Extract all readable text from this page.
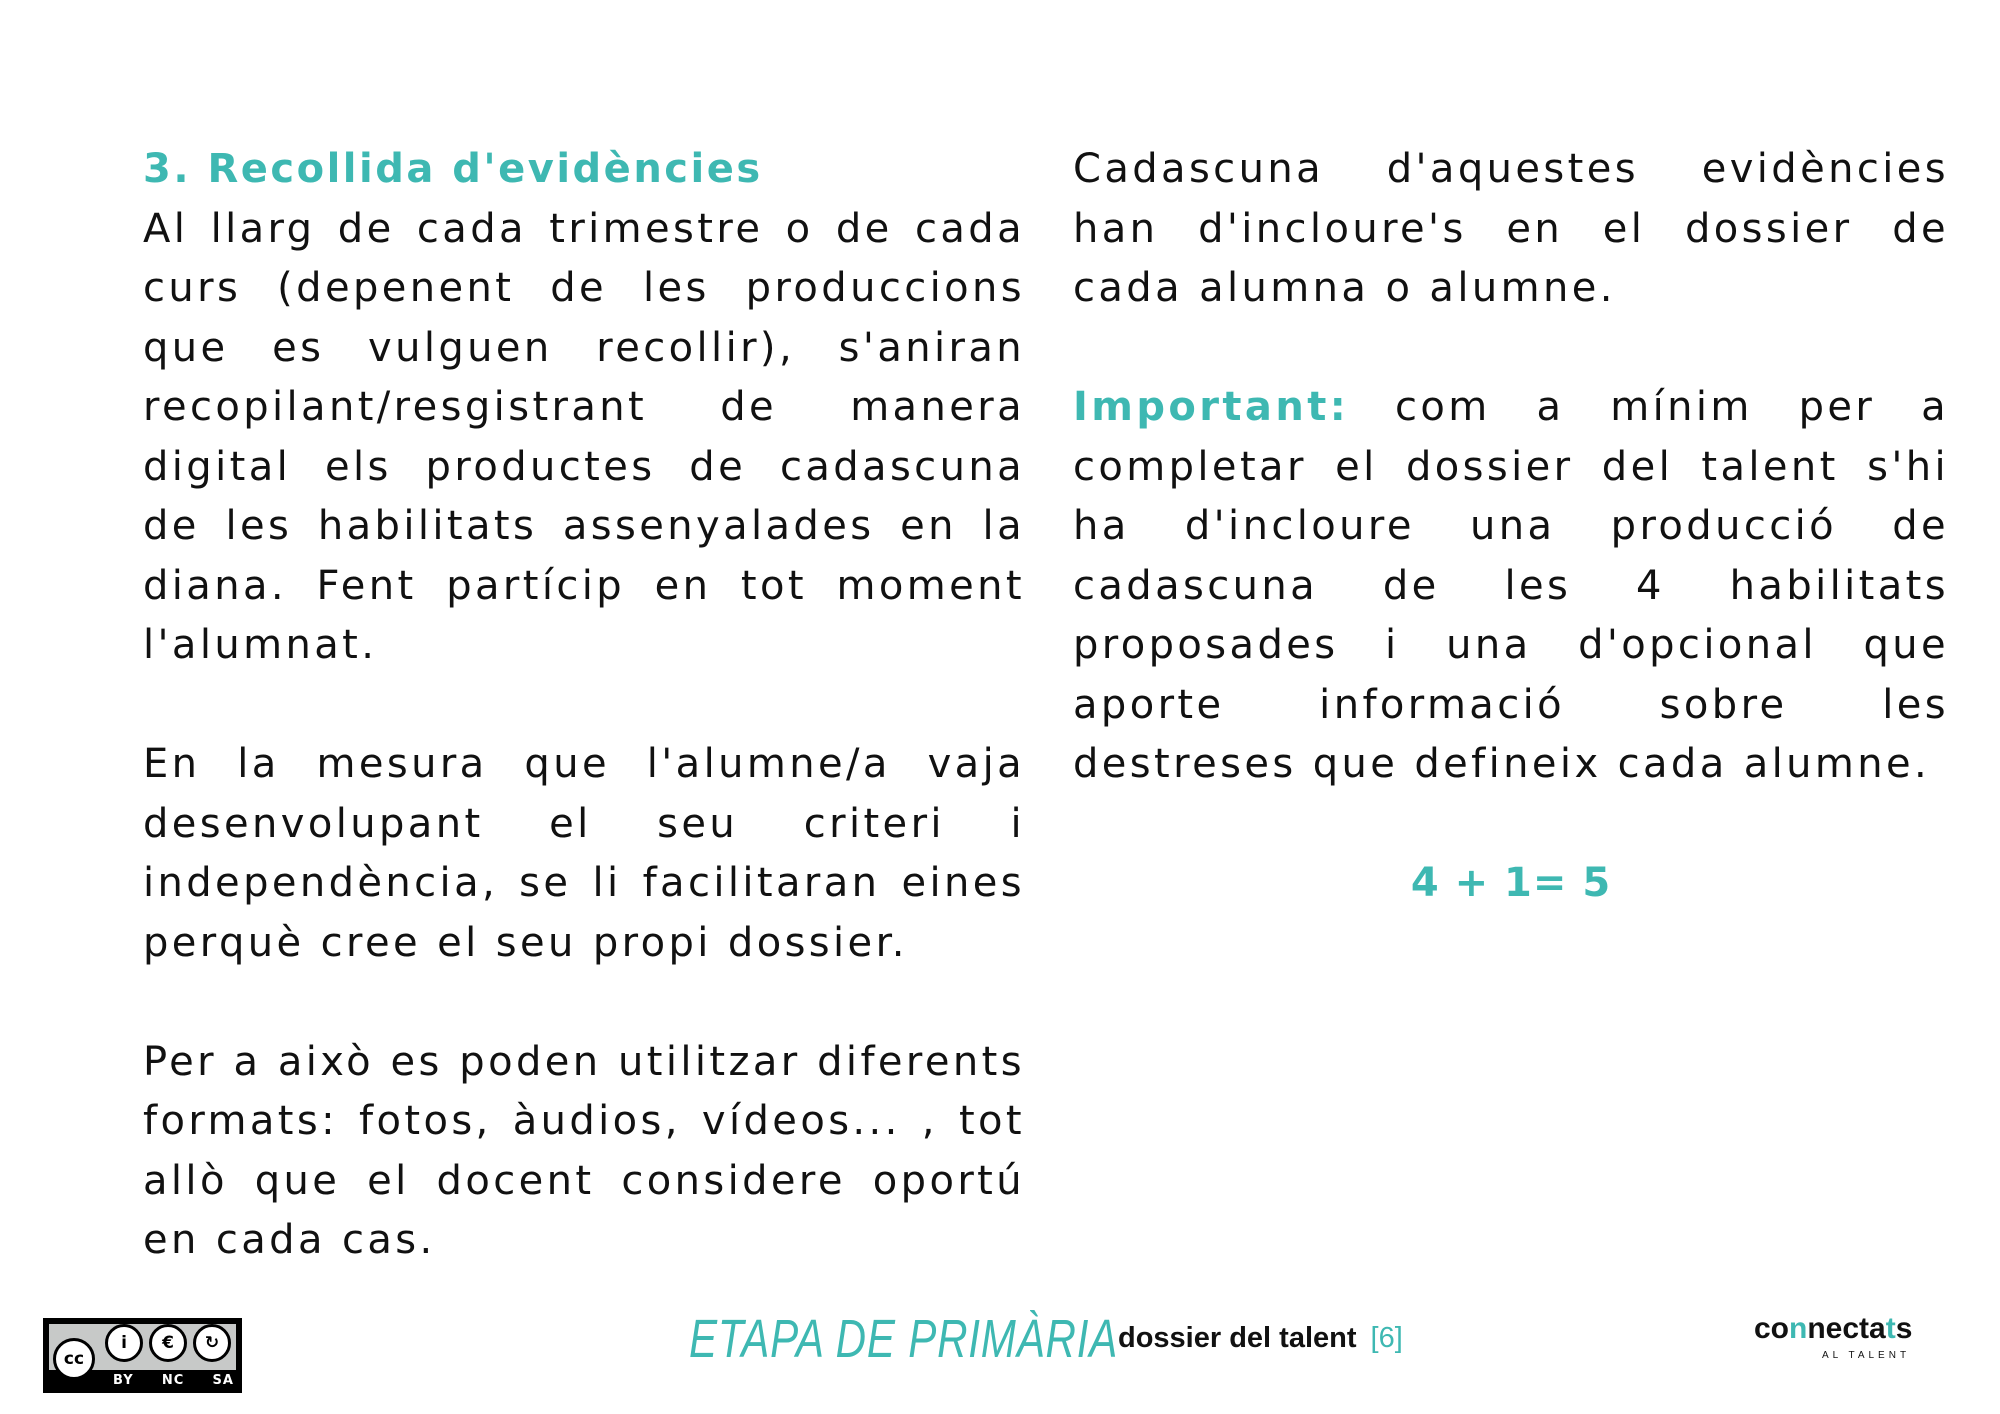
3. Recollida d'evidències

Al llarg de cada trimestre o de cada curs (depenent de les produccions que es vulguen recollir), s'aniran recopilant/resgistrant de manera digital els productes de cadascuna de les habilitats assenyalades en la diana. Fent partícip en tot moment l'alumnat.

En la mesura que l'alumne/a vaja desenvolupant el seu criteri i independència, se li facilitaran eines perquè cree el seu propi dossier.

Per a això es poden utilitzar diferents formats: fotos, àudios, vídeos... , tot allò que el docent considere oportú en cada cas.

Cadascuna d'aquestes evidències han d'incloure's en el dossier de cada alumna o alumne.

Important: com a mínim per a completar el dossier del talent s'hi ha d'incloure una producció de cadascuna de les 4 habilitats proposades i una d'opcional que aporte informació sobre les destreses que defineix cada alumne.

4 + 1= 5

cc
i	€	↻
BY NC SA
ETAPA DE PRIMÀRIA dossier del talent [6]	connectats
AL TALENT
